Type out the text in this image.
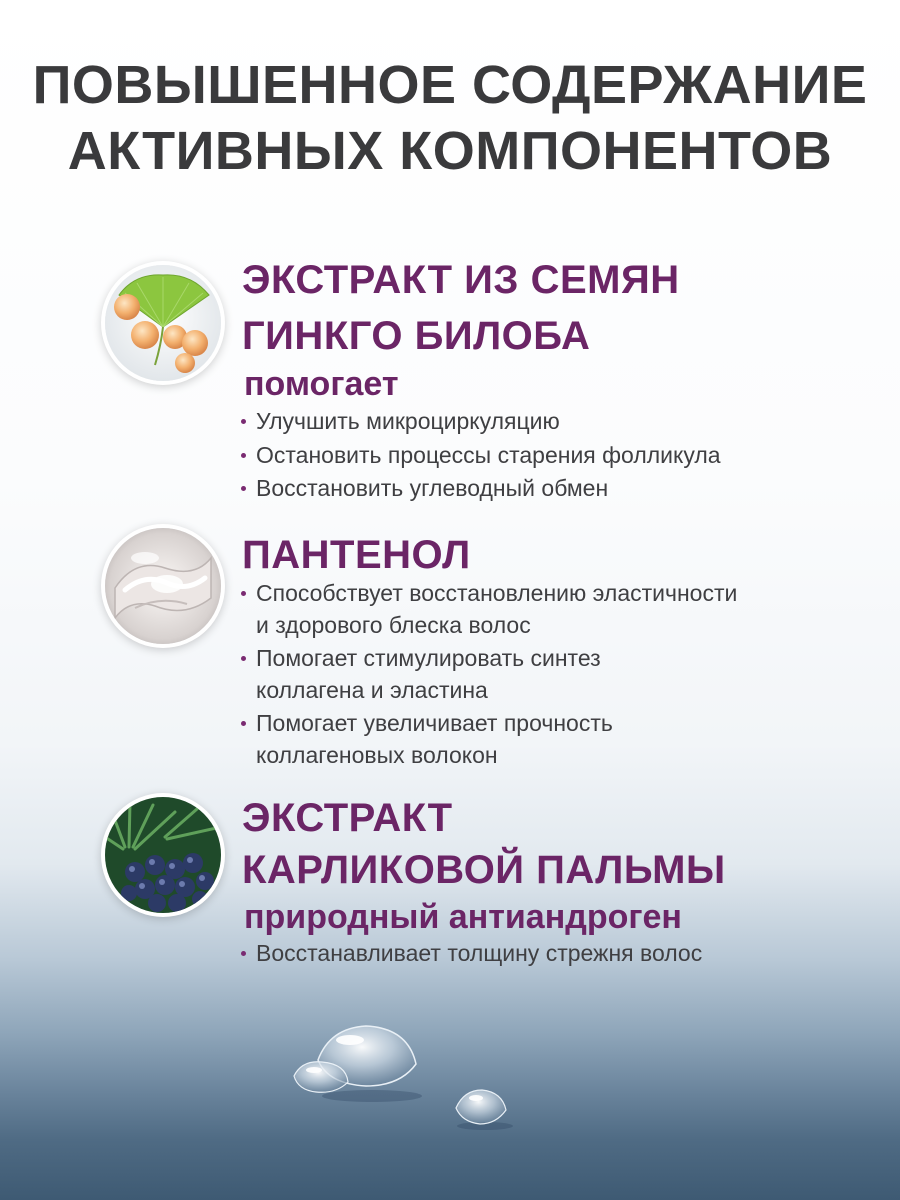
ПОВЫШЕННОЕ СОДЕРЖАНИЕ
АКТИВНЫХ КОМПОНЕНТОВ
ЭКСТРАКТ ИЗ СЕМЯН
ГИНКГО БИЛОБА
помогает
Улучшить микроциркуляцию
Остановить процессы старения фолликула
Восстановить углеводный обмен
ПАНТЕНОЛ
Способствует восстановлению эластичности
и здорового блеска волос
Помогает стимулировать синтез
коллагена и эластина
Помогает увеличивает прочность
коллагеновых волокон
ЭКСТРАКТ
КАРЛИКОВОЙ ПАЛЬМЫ
природный антиандроген
Восстанавливает толщину стрежня волос
